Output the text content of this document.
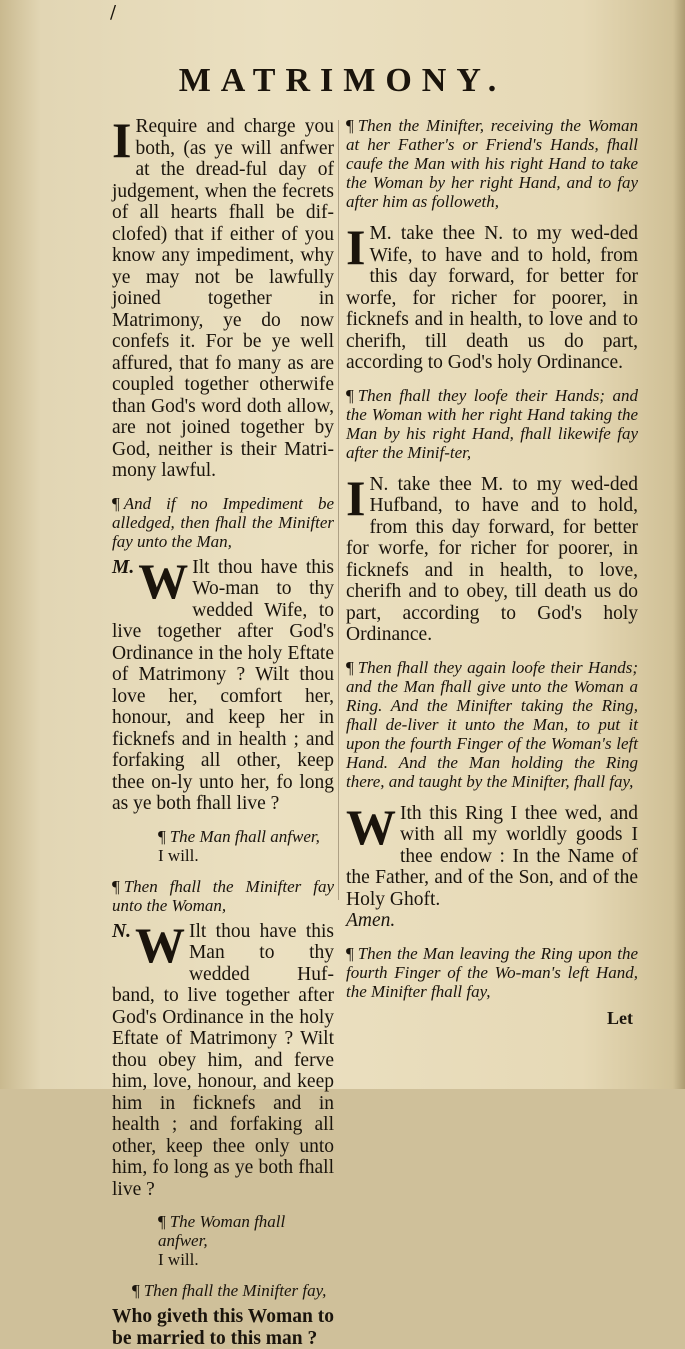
/
MATRIMONY.

I Require and charge you both, (as ye will anfwer at the dread-ful day of judgement, when the fecrets of all hearts fhall be dif-clofed) that if either of you know any impediment, why ye may not be lawfully joined together in Matrimony, ye do now confefs it. For be ye well affured, that fo many as are coupled together otherwife than God's word doth allow, are not joined together by God, neither is their Matri-mony lawful.

¶ And if no Impediment be alledged, then fhall the Minifter fay unto the Man,

M. W Ilt thou have this Wo-man to thy wedded Wife, to live together after God's Ordinance in the holy Eftate of Matrimony ? Wilt thou love her, comfort her, honour, and keep her in ficknefs and in health ; and forfaking all other, keep thee on-ly unto her, fo long as ye both fhall live ?

¶ The Man fhall anfwer,
I will.

¶ Then fhall the Minifter fay unto the Woman,

N. W Ilt thou have this Man to thy wedded Huf-band, to live together after God's Ordinance in the holy Eftate of Matrimony ? Wilt thou obey him, and ferve him, love, honour, and keep him in ficknefs and in health ; and forfaking all other, keep thee only unto him, fo long as ye both fhall live ?

¶ The Woman fhall anfwer,
I will.

¶ Then fhall the Minifter fay,

Who giveth this Woman to be married to this man ?

¶ Then the Minifter, receiving the Woman at her Father's or Friend's Hands, fhall caufe the Man with his right Hand to take the Woman by her right Hand, and to fay after him as followeth,

I M. take thee N. to my wed-ded Wife, to have and to hold, from this day forward, for better for worfe, for richer for poorer, in ficknefs and in health, to love and to cherifh, till death us do part, according to God's holy Ordinance.

¶ Then fhall they loofe their Hands; and the Woman with her right Hand taking the Man by his right Hand, fhall likewife fay after the Minif-ter,

I N. take thee M. to my wed-ded Hufband, to have and to hold, from this day forward, for better for worfe, for richer for poorer, in ficknefs and in health, to love, cherifh and to obey, till death us do part, according to God's holy Ordinance.

¶ Then fhall they again loofe their Hands; and the Man fhall give unto the Woman a Ring. And the Minifter taking the Ring, fhall de-liver it unto the Man, to put it upon the fourth Finger of the Woman's left Hand. And the Man holding the Ring there, and taught by the Minifter, fhall fay,

W Ith this Ring I thee wed, and with all my worldly goods I thee endow : In the Name of the Father, and of the Son, and of the Holy Ghoft.
Amen.

¶ Then the Man leaving the Ring upon the fourth Finger of the Wo-man's left Hand, the Minifter fhall fay,

Let
